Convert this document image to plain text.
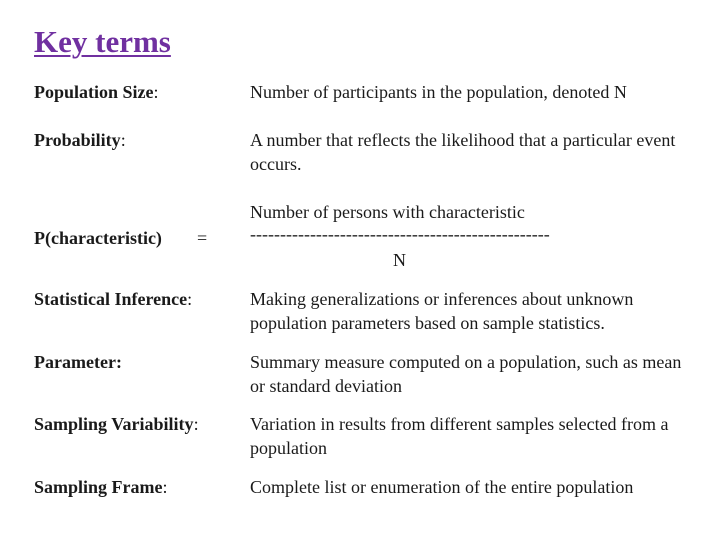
Key terms
Population Size:	Number of participants in the population, denoted N
Probability:	A number that reflects the likelihood that a particular event occurs.
Number of persons with characteristic
P(characteristic) = --------------------------------------------------
N
Statistical Inference:	Making generalizations or inferences about unknown population parameters based on sample statistics.
Parameter:	Summary measure computed on a population, such as mean or standard deviation
Sampling Variability:	Variation in results from different samples selected from a population
Sampling Frame:	Complete list or enumeration of the entire population
